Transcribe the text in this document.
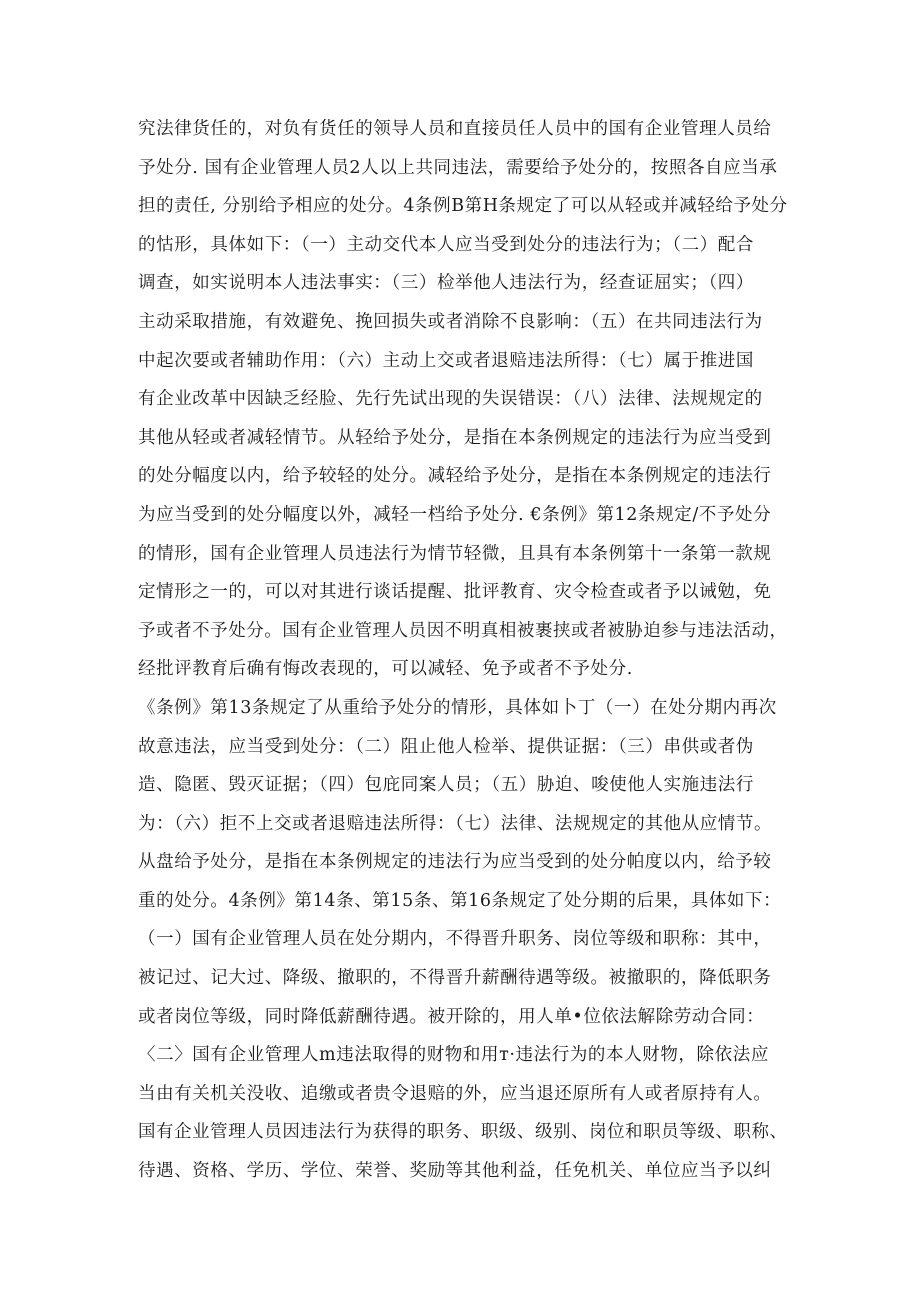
究法律货任的，对负有货任的领导人员和直接员任人员中的国有企业管理人员给
予处分. 国有企业管理人员2人以上共同违法，需要给予处分的，按照各自应当承
担的责任, 分别给予相应的处分。4条例B第H条规定了可以从轻或并减轻给予处分
的怙形，具体如下：（一）主动交代本人应当受到处分的违法行为；（二）配合
调查，如实说明本人违法事实：（三）检举他人违法行为，经查证屈实；（四）
主动采取措施，有效避免、挽回损失或者消除不良影响：（五）在共同违法行为
中起次要或者辅助作用：（六）主动上交或者退赔违法所得：（七）属于推进国
有企业改革中因缺乏经脸、先行先试出现的失误错误：（八）法律、法规规定的
其他从轻或者减轻情节。从轻给予处分，是指在本条例规定的违法行为应当受到
的处分幅度以内，给予较轻的处分。减轻给予处分，是指在本条例规定的违法行
为应当受到的处分幅度以外，减轻一档给予处分. €条例》第12条规定/不予处分
的情形，国有企业管理人员违法行为情节轻微，且具有本条例第十一条第一款规
定情形之一的，可以对其进行谈话提醒、批评教育、灾令检查或者予以诫勉，免
予或者不予处分。国有企业管理人员因不明真相被裹挟或者被胁迫参与违法活动，
经批评教育后确有悔改表现的，可以减轻、免予或者不予处分.
《条例》第13条规定了从重给予处分的情形，具体如卜丁（一）在处分期内再次
故意违法，应当受到处分：（二）阻止他人检举、提供证据：（三）串供或者伪
造、隐匿、毁灭证据；（四）包庇同案人员；（五）胁迫、唆使他人实施违法行
为：（六）拒不上交或者退赔违法所得：（七）法律、法规规定的其他从应情节。
从盘给予处分，是指在本条例规定的违法行为应当受到的处分帕度以内，给予较
重的处分。4条例》第14条、第15条、第16条规定了处分期的后果，具体如下：
（一）国有企业管理人员在处分期内，不得晋升职务、岗位等级和职称：其中，
被记过、记大过、降级、撤职的，不得晋升薪酬待遇等级。被撤职的，降低职务
或者岗位等级，同时降低薪酬待遇。被开除的，用人单•位依法解除劳动合同：
〈二〉国有企业管理人m违法取得的财物和用т·违法行为的本人财物，除依法应
当由有关机关没收、追缴或者贵令退赔的外，应当退还原所有人或者原持有人。
国有企业管理人员因违法行为获得的职务、职级、级别、岗位和职员等级、职称、
待遇、资格、学历、学位、荣誉、奖励等其他利益，任免机关、单位应当予以纠
